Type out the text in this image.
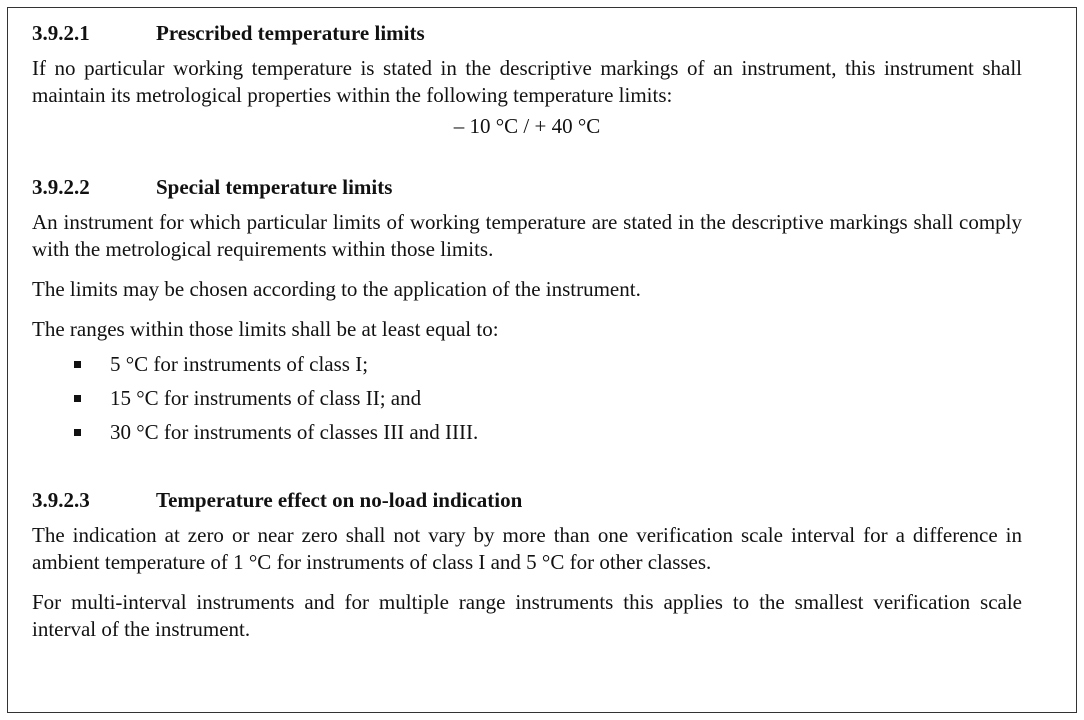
3.9.2.1	Prescribed temperature limits

If no particular working temperature is stated in the descriptive markings of an instrument, this instrument shall maintain its metrological properties within the following temperature limits:

– 10 °C / + 40 °C
3.9.2.2	Special temperature limits

An instrument for which particular limits of working temperature are stated in the descriptive markings shall comply with the metrological requirements within those limits.

The limits may be chosen according to the application of the instrument.

The ranges within those limits shall be at least equal to:

5 °C for instruments of class I;
15 °C for instruments of class II; and
30 °C for instruments of classes III and IIII.
3.9.2.3	Temperature effect on no-load indication

The indication at zero or near zero shall not vary by more than one verification scale interval for a difference in ambient temperature of 1 °C for instruments of class I and 5 °C for other classes.

For multi-interval instruments and for multiple range instruments this applies to the smallest verification scale interval of the instrument.
